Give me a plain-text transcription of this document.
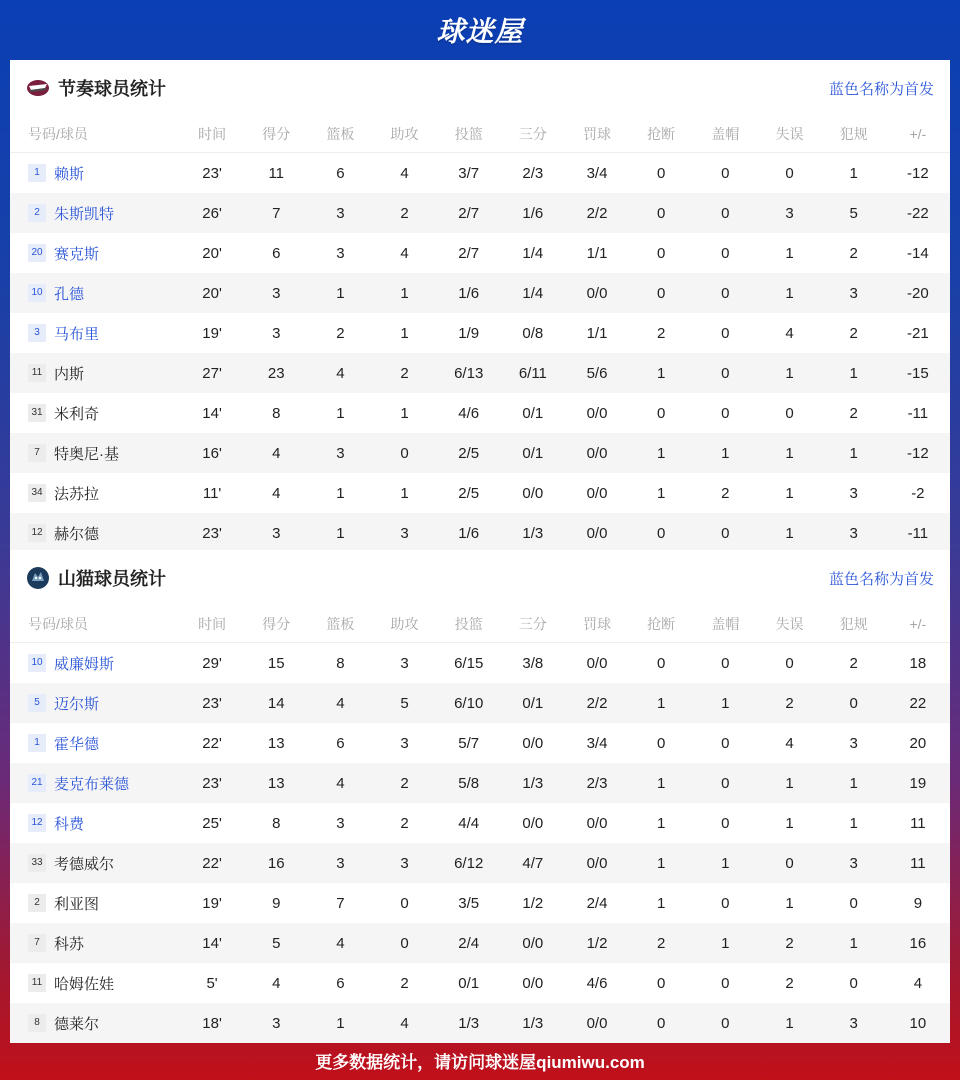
球迷屋
节奏球员统计	蓝色名称为首发
号码/球员	时间	得分	篮板	助攻	投篮	三分	罚球	抢断	盖帽	失误	犯规	+/-
1 赖斯	23'	11	6	4	3/7	2/3	3/4	0	0	0	1	-12
2 朱斯凯特	26'	7	3	2	2/7	1/6	2/2	0	0	3	5	-22
20 赛克斯	20'	6	3	4	2/7	1/4	1/1	0	0	1	2	-14
10 孔德	20'	3	1	1	1/6	1/4	0/0	0	0	1	3	-20
3 马布里	19'	3	2	1	1/9	0/8	1/1	2	0	4	2	-21
11 内斯	27'	23	4	2	6/13	6/11	5/6	1	0	1	1	-15
31 米利奇	14'	8	1	1	4/6	0/1	0/0	0	0	0	2	-11
7 特奥尼·基	16'	4	3	0	2/5	0/1	0/0	1	1	1	1	-12
34 法苏拉	11'	4	1	1	2/5	0/0	0/0	1	2	1	3	-2
12 赫尔德	23'	3	1	3	1/6	1/3	0/0	0	0	1	3	-11
山猫球员统计	蓝色名称为首发
号码/球员	时间	得分	篮板	助攻	投篮	三分	罚球	抢断	盖帽	失误	犯规	+/-
10 威廉姆斯	29'	15	8	3	6/15	3/8	0/0	0	0	0	2	18
5 迈尔斯	23'	14	4	5	6/10	0/1	2/2	1	1	2	0	22
1 霍华德	22'	13	6	3	5/7	0/0	3/4	0	0	4	3	20
21 麦克布莱德	23'	13	4	2	5/8	1/3	2/3	1	0	1	1	19
12 科费	25'	8	3	2	4/4	0/0	0/0	1	0	1	1	11
33 考德威尔	22'	16	3	3	6/12	4/7	0/0	1	1	0	3	11
2 利亚图	19'	9	7	0	3/5	1/2	2/4	1	0	1	0	9
7 科苏	14'	5	4	0	2/4	0/0	1/2	2	1	2	1	16
11 哈姆佐娃	5'	4	6	2	0/1	0/0	4/6	0	0	2	0	4
8 德莱尔	18'	3	1	4	1/3	1/3	0/0	0	0	1	3	10
更多数据统计，请访问球迷屋qiumiwu.com
